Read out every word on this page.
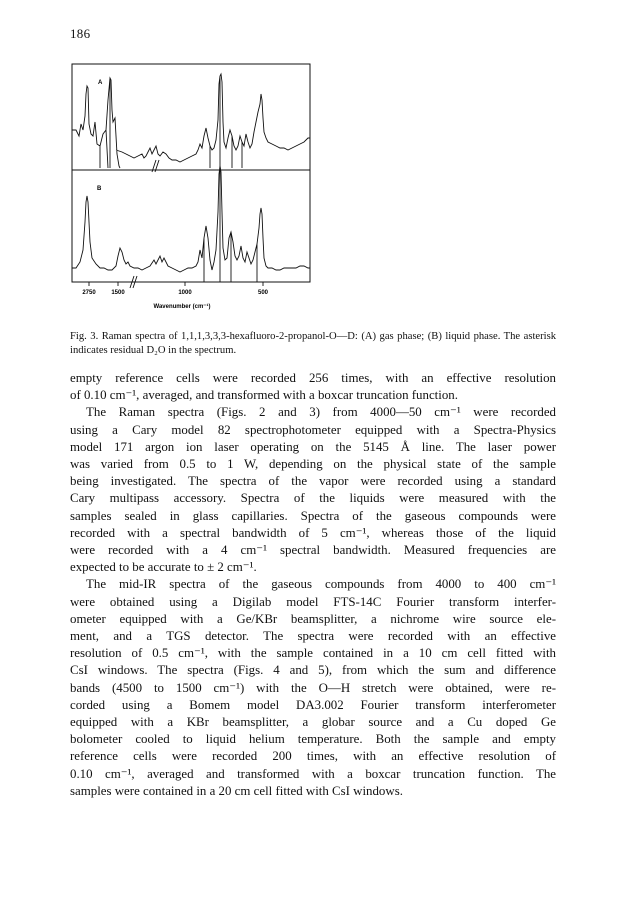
186
A
B
2750	1500	1000	500
Wavenumber (cm⁻¹)
Fig. 3. Raman spectra of 1,1,1,3,3,3-hexafluoro-2-propanol-O—D: (A) gas phase; (B) liquid phase. The asterisk indicates residual D₂O in the spectrum.

empty reference cells were recorded 256 times, with an effective resolution
of 0.10 cm⁻¹, averaged, and transformed with a boxcar truncation function.

The Raman spectra (Figs. 2 and 3) from 4000—50 cm⁻¹ were recorded
using a Cary model 82 spectrophotometer equipped with a Spectra-Physics
model 171 argon ion laser operating on the 5145 Å line. The laser power
was varied from 0.5 to 1 W, depending on the physical state of the sample
being investigated. The spectra of the vapor were recorded using a standard
Cary multipass accessory. Spectra of the liquids were measured with the
samples sealed in glass capillaries. Spectra of the gaseous compounds were
recorded with a spectral bandwidth of 5 cm⁻¹, whereas those of the liquid
were recorded with a 4 cm⁻¹ spectral bandwidth. Measured frequencies are
expected to be accurate to ± 2 cm⁻¹.

The mid-IR spectra of the gaseous compounds from 4000 to 400 cm⁻¹
were obtained using a Digilab model FTS-14C Fourier transform interfer-
ometer equipped with a Ge/KBr beamsplitter, a nichrome wire source ele-
ment, and a TGS detector. The spectra were recorded with an effective
resolution of 0.5 cm⁻¹, with the sample contained in a 10 cm cell fitted with
CsI windows. The spectra (Figs. 4 and 5), from which the sum and difference
bands (4500 to 1500 cm⁻¹) with the O—H stretch were obtained, were re-
corded using a Bomem model DA3.002 Fourier transform interferometer
equipped with a KBr beamsplitter, a globar source and a Cu doped Ge
bolometer cooled to liquid helium temperature. Both the sample and empty
reference cells were recorded 200 times, with an effective resolution of
0.10 cm⁻¹, averaged and transformed with a boxcar truncation function. The
samples were contained in a 20 cm cell fitted with CsI windows.
